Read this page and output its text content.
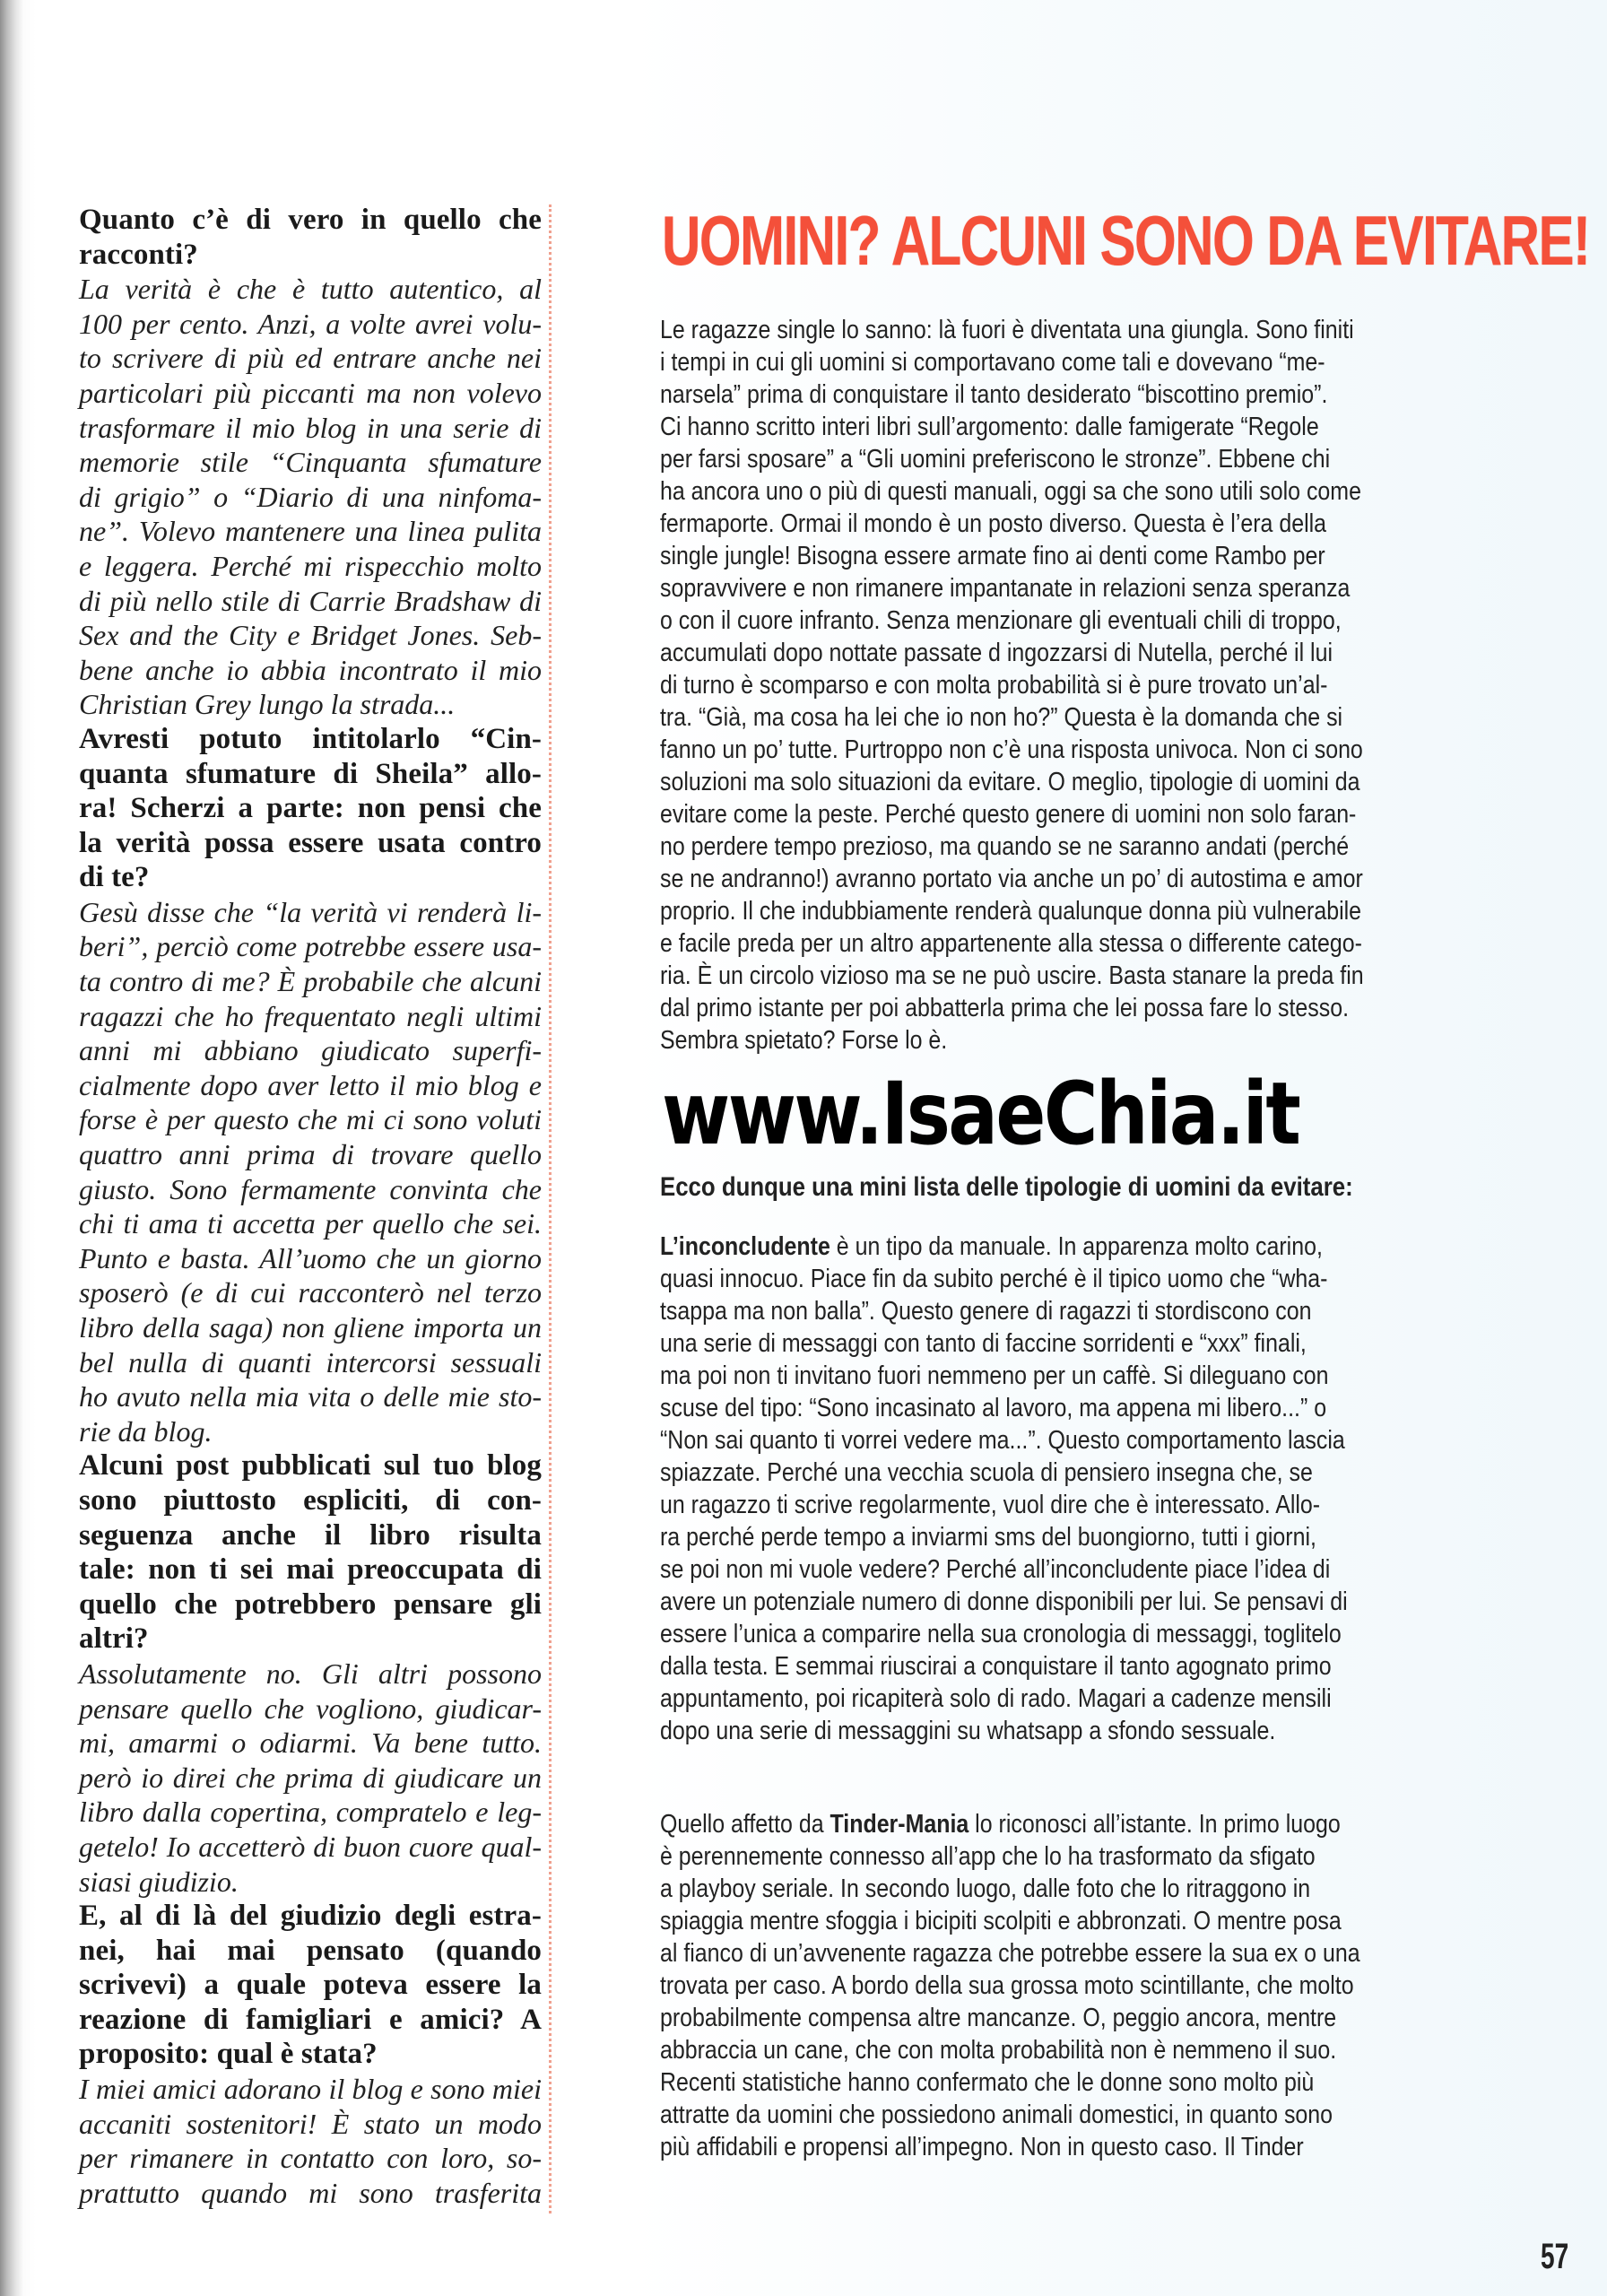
Quanto c’è di vero in quello che
racconti?
La verità è che è tutto autentico, al
100 per cento. Anzi, a volte avrei volu-
to scrivere di più ed entrare anche nei
particolari più piccanti ma non volevo
trasformare il mio blog in una serie di
memorie stile “Cinquanta sfumature
di grigio” o “Diario di una ninfoma-
ne”. Volevo mantenere una linea pulita
e leggera. Perché mi rispecchio molto
di più nello stile di Carrie Bradshaw di
Sex and the City e Bridget Jones. Seb-
bene anche io abbia incontrato il mio
Christian Grey lungo la strada...
Avresti potuto intitolarlo “Cin-
quanta sfumature di Sheila” allo-
ra! Scherzi a parte: non pensi che
la verità possa essere usata contro
di te?
Gesù disse che “la verità vi renderà li-
beri”, perciò come potrebbe essere usa-
ta contro di me? È probabile che alcuni
ragazzi che ho frequentato negli ultimi
anni mi abbiano giudicato superfi-
cialmente dopo aver letto il mio blog e
forse è per questo che mi ci sono voluti
quattro anni prima di trovare quello
giusto. Sono fermamente convinta che
chi ti ama ti accetta per quello che sei.
Punto e basta. All’uomo che un giorno
sposerò (e di cui racconterò nel terzo
libro della saga) non gliene importa un
bel nulla di quanti intercorsi sessuali
ho avuto nella mia vita o delle mie sto-
rie da blog.
Alcuni post pubblicati sul tuo blog
sono piuttosto espliciti, di con-
seguenza anche il libro risulta
tale: non ti sei mai preoccupata di
quello che potrebbero pensare gli
altri?
Assolutamente no. Gli altri possono
pensare quello che vogliono, giudicar-
mi, amarmi o odiarmi. Va bene tutto.
però io direi che prima di giudicare un
libro dalla copertina, compratelo e leg-
getelo! Io accetterò di buon cuore qual-
siasi giudizio.
E, al di là del giudizio degli estra-
nei, hai mai pensato (quando
scrivevi) a quale poteva essere la
reazione di famigliari e amici? A
proposito: qual è stata?
I miei amici adorano il blog e sono miei
accaniti sostenitori! È stato un modo
per rimanere in contatto con loro, so-
prattutto quando mi sono trasferita
UOMINI? ALCUNI SONO DA EVITARE!
Le ragazze single lo sanno: là fuori è diventata una giungla. Sono finiti
i tempi in cui gli uomini si comportavano come tali e dovevano “me-
narsela” prima di conquistare il tanto desiderato “biscottino premio”.
Ci hanno scritto interi libri sull’argomento: dalle famigerate “Regole
per farsi sposare” a “Gli uomini preferiscono le stronze”. Ebbene chi
ha ancora uno o più di questi manuali, oggi sa che sono utili solo come
fermaporte. Ormai il mondo è un posto diverso. Questa è l’era della
single jungle! Bisogna essere armate fino ai denti come Rambo per
sopravvivere e non rimanere impantanate in relazioni senza speranza
o con il cuore infranto. Senza menzionare gli eventuali chili di troppo,
accumulati dopo nottate passate d ingozzarsi di Nutella, perché il lui
di turno è scomparso e con molta probabilità si è pure trovato un’al-
tra. “Già, ma cosa ha lei che io non ho?” Questa è la domanda che si
fanno un po’ tutte. Purtroppo non c’è una risposta univoca. Non ci sono
soluzioni ma solo situazioni da evitare. O meglio, tipologie di uomini da
evitare come la peste. Perché questo genere di uomini non solo faran-
no perdere tempo prezioso, ma quando se ne saranno andati (perché
se ne andranno!) avranno portato via anche un po’ di autostima e amor
proprio. Il che indubbiamente renderà qualunque donna più vulnerabile
e facile preda per un altro appartenente alla stessa o differente catego-
ria. È un circolo vizioso ma se ne può uscire. Basta stanare la preda fin
dal primo istante per poi abbatterla prima che lei possa fare lo stesso.
Sembra spietato? Forse lo è.
www.IsaeChia.it
Ecco dunque una mini lista delle tipologie di uomini da evitare:
L’inconcludente è un tipo da manuale. In apparenza molto carino,
quasi innocuo. Piace fin da subito perché è il tipico uomo che “wha-
tsappa ma non balla”. Questo genere di ragazzi ti stordiscono con
una serie di messaggi con tanto di faccine sorridenti e “xxx” finali,
ma poi non ti invitano fuori nemmeno per un caffè. Si dileguano con
scuse del tipo: “Sono incasinato al lavoro, ma appena mi libero...” o
“Non sai quanto ti vorrei vedere ma...”. Questo comportamento lascia
spiazzate. Perché una vecchia scuola di pensiero insegna che, se
un ragazzo ti scrive regolarmente, vuol dire che è interessato. Allo-
ra perché perde tempo a inviarmi sms del buongiorno, tutti i giorni,
se poi non mi vuole vedere? Perché all’inconcludente piace l’idea di
avere un potenziale numero di donne disponibili per lui. Se pensavi di
essere l’unica a comparire nella sua cronologia di messaggi, toglitelo
dalla testa. E semmai riuscirai a conquistare il tanto agognato primo
appuntamento, poi ricapiterà solo di rado. Magari a cadenze mensili
dopo una serie di messaggini su whatsapp a sfondo sessuale.
Quello affetto da Tinder-Mania lo riconosci all’istante. In primo luogo
è perennemente connesso all’app che lo ha trasformato da sfigato
a playboy seriale. In secondo luogo, dalle foto che lo ritraggono in
spiaggia mentre sfoggia i bicipiti scolpiti e abbronzati. O mentre posa
al fianco di un’avvenente ragazza che potrebbe essere la sua ex o una
trovata per caso. A bordo della sua grossa moto scintillante, che molto
probabilmente compensa altre mancanze. O, peggio ancora, mentre
abbraccia un cane, che con molta probabilità non è nemmeno il suo.
Recenti statistiche hanno confermato che le donne sono molto più
attratte da uomini che possiedono animali domestici, in quanto sono
più affidabili e propensi all’impegno. Non in questo caso. Il Tinder
57
